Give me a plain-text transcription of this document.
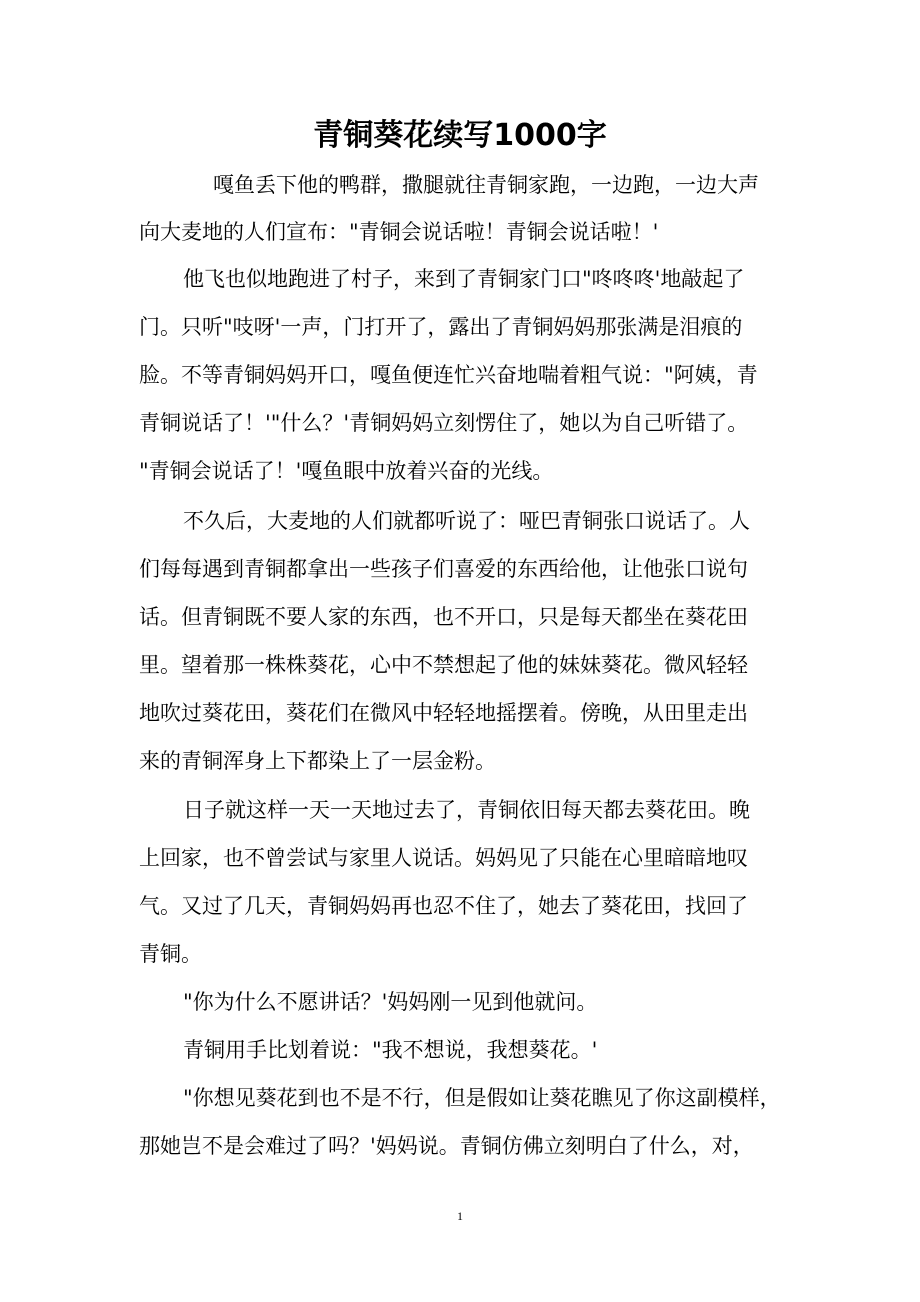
青铜葵花续写1000字

嘎鱼丢下他的鸭群，撒腿就往青铜家跑，一边跑，一边大声

向大麦地的人们宣布："青铜会说话啦！青铜会说话啦！'

他飞也似地跑进了村子，来到了青铜家门口"咚咚咚'地敲起了

门。只听"吱呀'一声，门打开了，露出了青铜妈妈那张满是泪痕的

脸。不等青铜妈妈开口，嘎鱼便连忙兴奋地喘着粗气说："阿姨，青

青铜说话了！'"什么？'青铜妈妈立刻愣住了，她以为自己听错了。

"青铜会说话了！'嘎鱼眼中放着兴奋的光线。

不久后，大麦地的人们就都听说了：哑巴青铜张口说话了。人

们每每遇到青铜都拿出一些孩子们喜爱的东西给他，让他张口说句

话。但青铜既不要人家的东西，也不开口，只是每天都坐在葵花田

里。望着那一株株葵花，心中不禁想起了他的妹妹葵花。微风轻轻

地吹过葵花田，葵花们在微风中轻轻地摇摆着。傍晚，从田里走出

来的青铜浑身上下都染上了一层金粉。

日子就这样一天一天地过去了，青铜依旧每天都去葵花田。晚

上回家，也不曾尝试与家里人说话。妈妈见了只能在心里暗暗地叹

气。又过了几天，青铜妈妈再也忍不住了，她去了葵花田，找回了

青铜。

"你为什么不愿讲话？'妈妈刚一见到他就问。

青铜用手比划着说："我不想说，我想葵花。'

"你想见葵花到也不是不行，但是假如让葵花瞧见了你这副模样，

那她岂不是会难过了吗？'妈妈说。青铜仿佛立刻明白了什么，对，

1
